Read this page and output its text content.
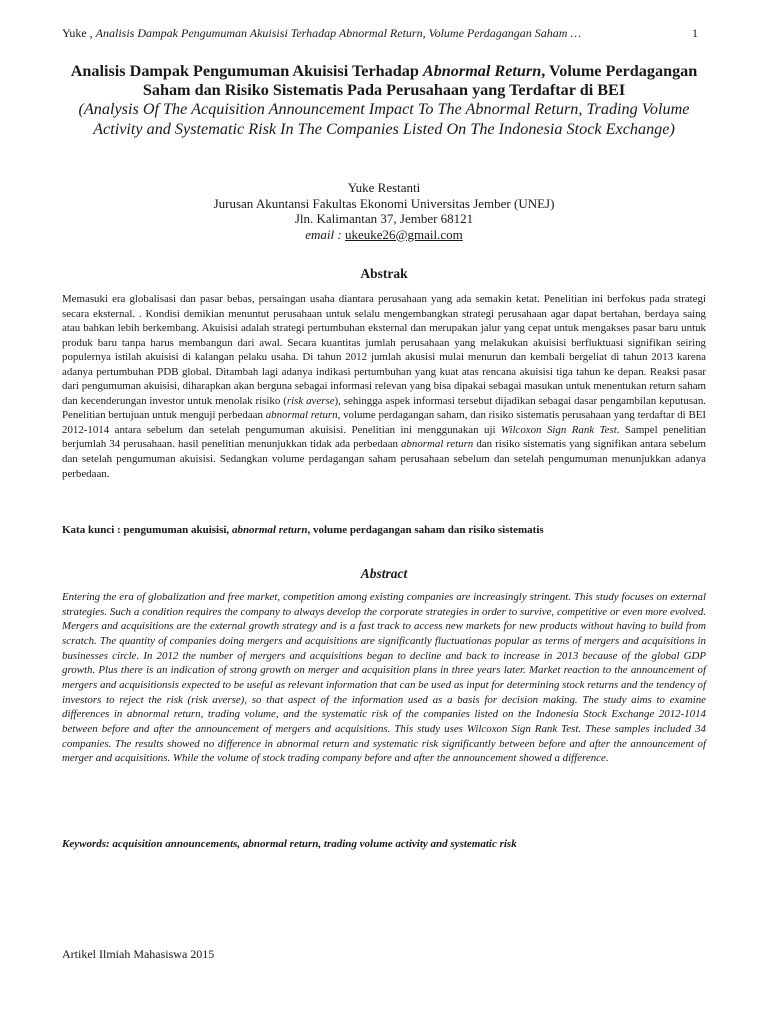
Yuke , Analisis Dampak Pengumuman Akuisisi Terhadap Abnormal Return, Volume Perdagangan Saham …	1
Analisis Dampak Pengumuman Akuisisi Terhadap Abnormal Return, Volume Perdagangan Saham dan Risiko Sistematis Pada Perusahaan yang Terdaftar di BEI
(Analysis Of The Acquisition Announcement Impact To The Abnormal Return, Trading Volume Activity and Systematic Risk In The Companies Listed On The Indonesia Stock Exchange)
Yuke Restanti
Jurusan Akuntansi Fakultas Ekonomi Universitas Jember (UNEJ)
Jln. Kalimantan 37, Jember 68121
email : ukeuke26@gmail.com
Abstrak
Memasuki era globalisasi dan pasar bebas, persaingan usaha diantara perusahaan yang ada semakin ketat. Penelitian ini berfokus pada strategi secara eksternal. . Kondisi demikian menuntut perusahaan untuk selalu mengembangkan strategi perusahaan agar dapat bertahan, berdaya saing atau bahkan lebih berkembang. Akuisisi adalah strategi pertumbuhan eksternal dan merupakan jalur yang cepat untuk mengakses pasar baru untuk produk baru tanpa harus membangun dari awal. Secara kuantitas jumlah perusahaan yang melakukan akuisisi berfluktuasi signifikan seiring populernya istilah akuisisi di kalangan pelaku usaha. Di tahun 2012 jumlah akusisi mulai menurun dan kembali bergeliat di tahun 2013 karena adanya pertumbuhan PDB global. Ditambah lagi adanya indikasi pertumbuhan yang kuat atas rencana akuisisi tiga tahun ke depan. Reaksi pasar dari pengumuman akuisisi, diharapkan akan berguna sebagai informasi relevan yang bisa dipakai sebagai masukan untuk menentukan return saham dan kecenderungan investor untuk menolak risiko (risk averse), sehingga aspek informasi tersebut dijadikan sebagai dasar pengambilan keputusan. Penelitian bertujuan untuk menguji perbedaan abnormal return, volume perdagangan saham, dan risiko sistematis perusahaan yang terdaftar di BEI 2012-1014 antara sebelum dan setelah pengumuman akuisisi. Penelitian ini menggunakan uji Wilcoxon Sign Rank Test. Sampel penelitian berjumlah 34 perusahaan. hasil penelitian menunjukkan tidak ada perbedaan abnormal return dan risiko sistematis yang signifikan antara sebelum dan setelah pengumuman akuisisi. Sedangkan volume perdagangan saham perusahaan sebelum dan setelah pengumuman menunjukkan adanya perbedaan.
Kata kunci : pengumuman akuisisi, abnormal return, volume perdagangan saham dan risiko sistematis
Abstract
Entering the era of globalization and free market, competition among existing companies are increasingly stringent. This study focuses on external strategies. Such a condition requires the company to always develop the corporate strategies in order to survive, competitive or even more evolved. Mergers and acquisitions are the external growth strategy and is a fast track to access new markets for new products without having to build from scratch. The quantity of companies doing mergers and acquisitions are significantly fluctuationas popular as terms of mergers and acquisitions in businesses circle. In 2012 the number of mergers and acquisitions began to decline and back to increase in 2013 because of the global GDP growth. Plus there is an indication of strong growth on merger and acquisition plans in three years later. Market reaction to the announcement of mergers and acquisitionsis expected to be useful as relevant information that can be used as input for determining stock returns and the tendency of investors to reject the risk (risk averse), so that aspect of the information used as a basis for decision making. The study aims to examine differences in abnormal return, trading volume, and the systematic risk of the companies listed on the Indonesia Stock Exchange 2012-1014 between before and after the announcement of mergers and acquisitions. This study uses Wilcoxon Sign Rank Test. These samples included 34 companies. The results showed no difference in abnormal return and systematic risk significantly between before and after the announcement of merger and acquisitions. While the volume of stock trading company before and after the announcement showed a difference.
Keywords: acquisition announcements, abnormal return, trading volume activity and systematic risk
Artikel Ilmiah Mahasiswa 2015
